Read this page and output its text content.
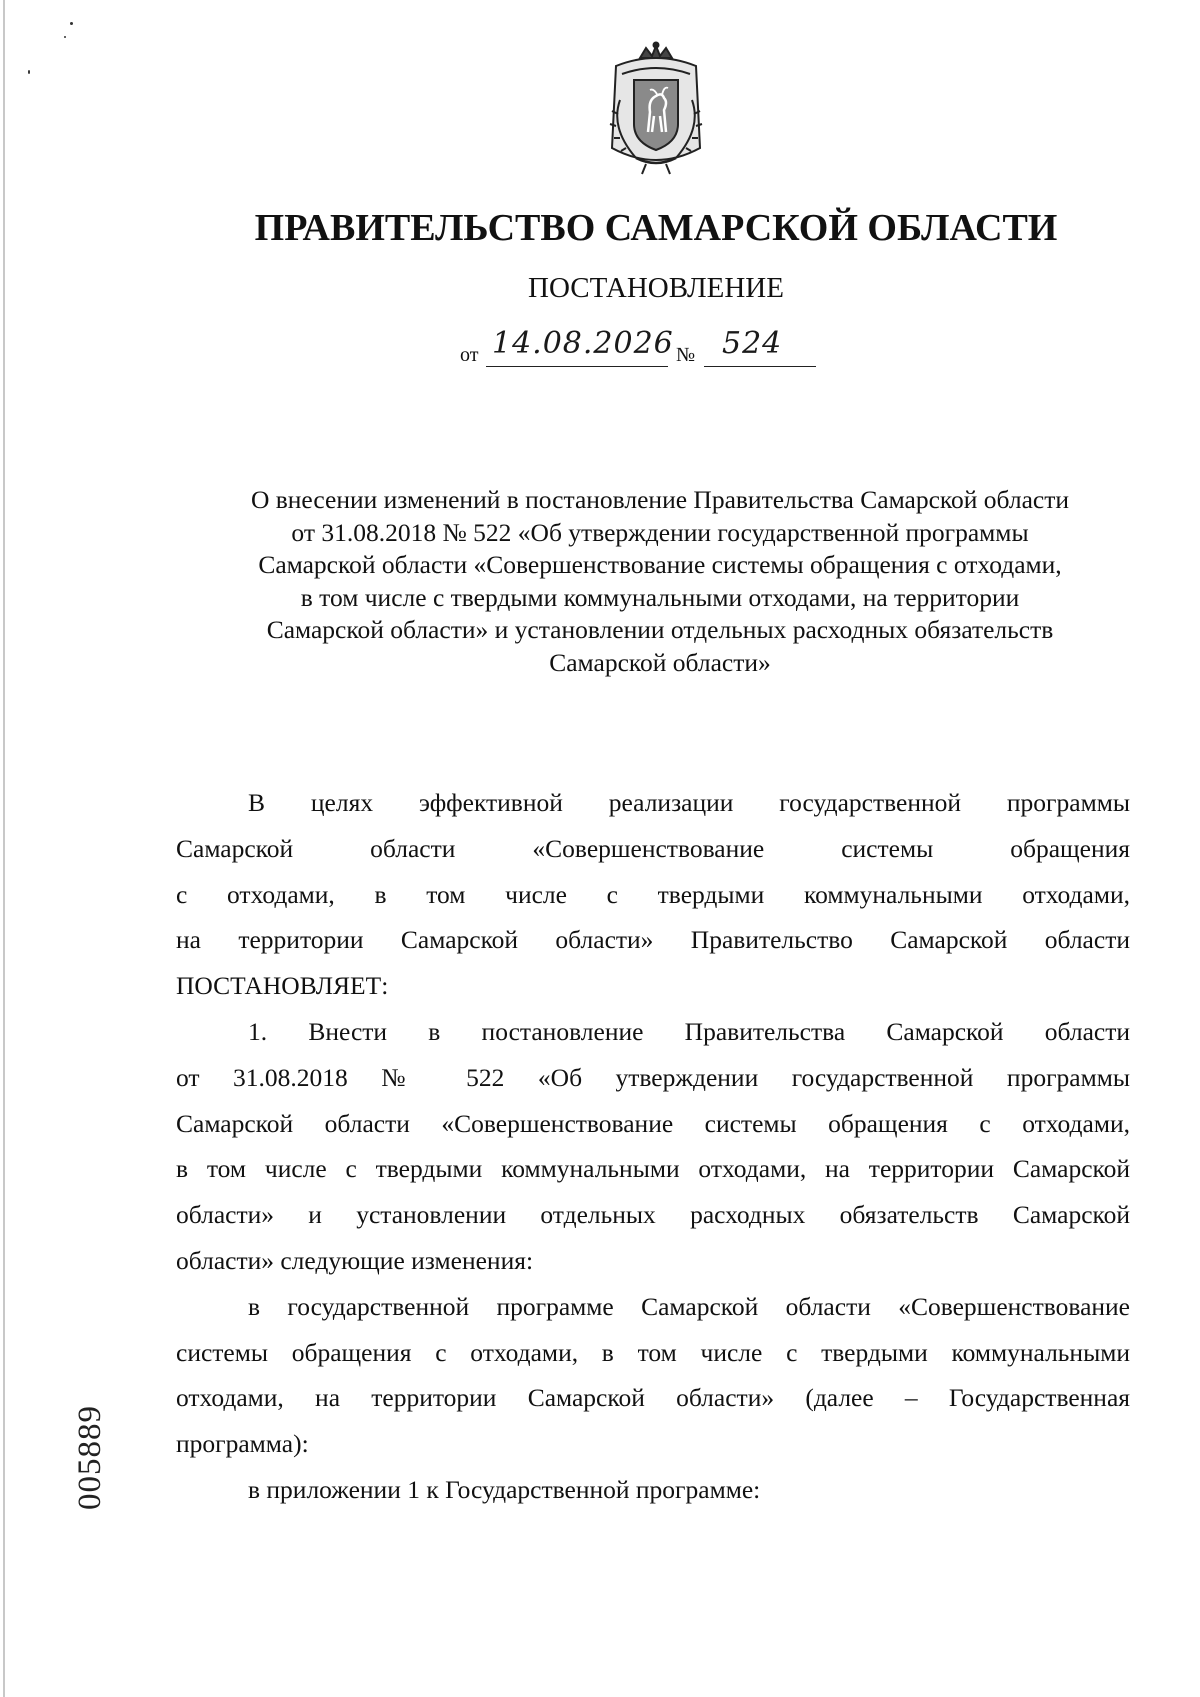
ПРАВИТЕЛЬСТВО САМАРСКОЙ ОБЛАСТИ
ПОСТАНОВЛЕНИЕ
от 14.08.2026 № 524
О внесении изменений в постановление Правительства Самарской области
от 31.08.2018 № 522 «Об утверждении государственной программы
Самарской области «Совершенствование системы обращения с отходами,
в том числе с твердыми коммунальными отходами, на территории
Самарской области» и установлении отдельных расходных обязательств
Самарской области»
В целях эффективной реализации государственной программы
Самарской области «Совершенствование системы обращения
с отходами, в том числе с твердыми коммунальными отходами,
на территории Самарской области» Правительство Самарской области
ПОСТАНОВЛЯЕТ:
1. Внести в постановление Правительства Самарской области
от 31.08.2018 № 522 «Об утверждении государственной программы
Самарской области «Совершенствование системы обращения с отходами,
в том числе с твердыми коммунальными отходами, на территории Самарской
области» и установлении отдельных расходных обязательств Самарской
области» следующие изменения:
в государственной программе Самарской области «Совершенствование
системы обращения с отходами, в том числе с твердыми коммунальными
отходами, на территории Самарской области» (далее – Государственная
программа):
в приложении 1 к Государственной программе:
005889
